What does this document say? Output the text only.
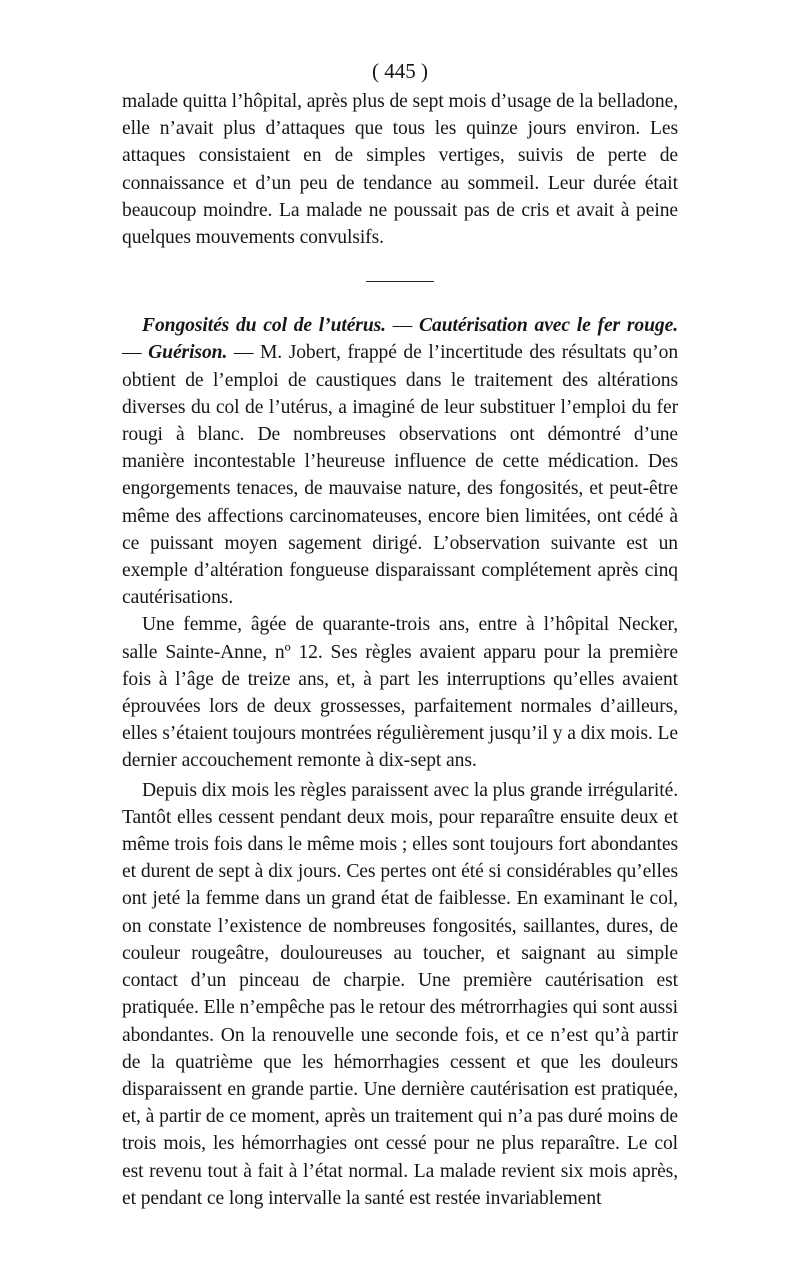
( 445 )

malade quitta l’hôpital, après plus de sept mois d’usage de la belladone, elle n’avait plus d’attaques que tous les quinze jours environ. Les attaques consistaient en de simples vertiges, suivis de perte de connaissance et d’un peu de tendance au sommeil. Leur durée était beaucoup moindre. La malade ne poussait pas de cris et avait à peine quelques mouvements convulsifs.

Fongosités du col de l’utérus. — Cautérisation avec le fer rouge. — Guérison. — M. Jobert, frappé de l’incertitude des résultats qu’on obtient de l’emploi de caustiques dans le traitement des altérations diverses du col de l’utérus, a imaginé de leur substituer l’emploi du fer rougi à blanc. De nombreuses observations ont démontré d’une manière incontestable l’heureuse influence de cette médication. Des engorgements tenaces, de mauvaise nature, des fongosités, et peut-être même des affections carcinomateuses, encore bien limitées, ont cédé à ce puissant moyen sagement dirigé. L’observation suivante est un exemple d’altération fongueuse disparaissant complétement après cinq cautérisations.

Une femme, âgée de quarante-trois ans, entre à l’hôpital Necker, salle Sainte-Anne, nº 12. Ses règles avaient apparu pour la première fois à l’âge de treize ans, et, à part les interruptions qu’elles avaient éprouvées lors de deux grossesses, parfaitement normales d’ailleurs, elles s’étaient toujours montrées régulièrement jusqu’il y a dix mois. Le dernier accouchement remonte à dix-sept ans.

Depuis dix mois les règles paraissent avec la plus grande irrégularité. Tantôt elles cessent pendant deux mois, pour reparaître ensuite deux et même trois fois dans le même mois ; elles sont toujours fort abondantes et durent de sept à dix jours. Ces pertes ont été si considérables qu’elles ont jeté la femme dans un grand état de faiblesse. En examinant le col, on constate l’existence de nombreuses fongosités, saillantes, dures, de couleur rougeâtre, douloureuses au toucher, et saignant au simple contact d’un pinceau de charpie. Une première cautérisation est pratiquée. Elle n’empêche pas le retour des métrorrhagies qui sont aussi abondantes. On la renouvelle une seconde fois, et ce n’est qu’à partir de la quatrième que les hémorrhagies cessent et que les douleurs disparaissent en grande partie. Une dernière cautérisation est pratiquée, et, à partir de ce moment, après un traitement qui n’a pas duré moins de trois mois, les hémorrhagies ont cessé pour ne plus reparaître. Le col est revenu tout à fait à l’état normal. La malade revient six mois après, et pendant ce long intervalle la santé est restée invariablement
